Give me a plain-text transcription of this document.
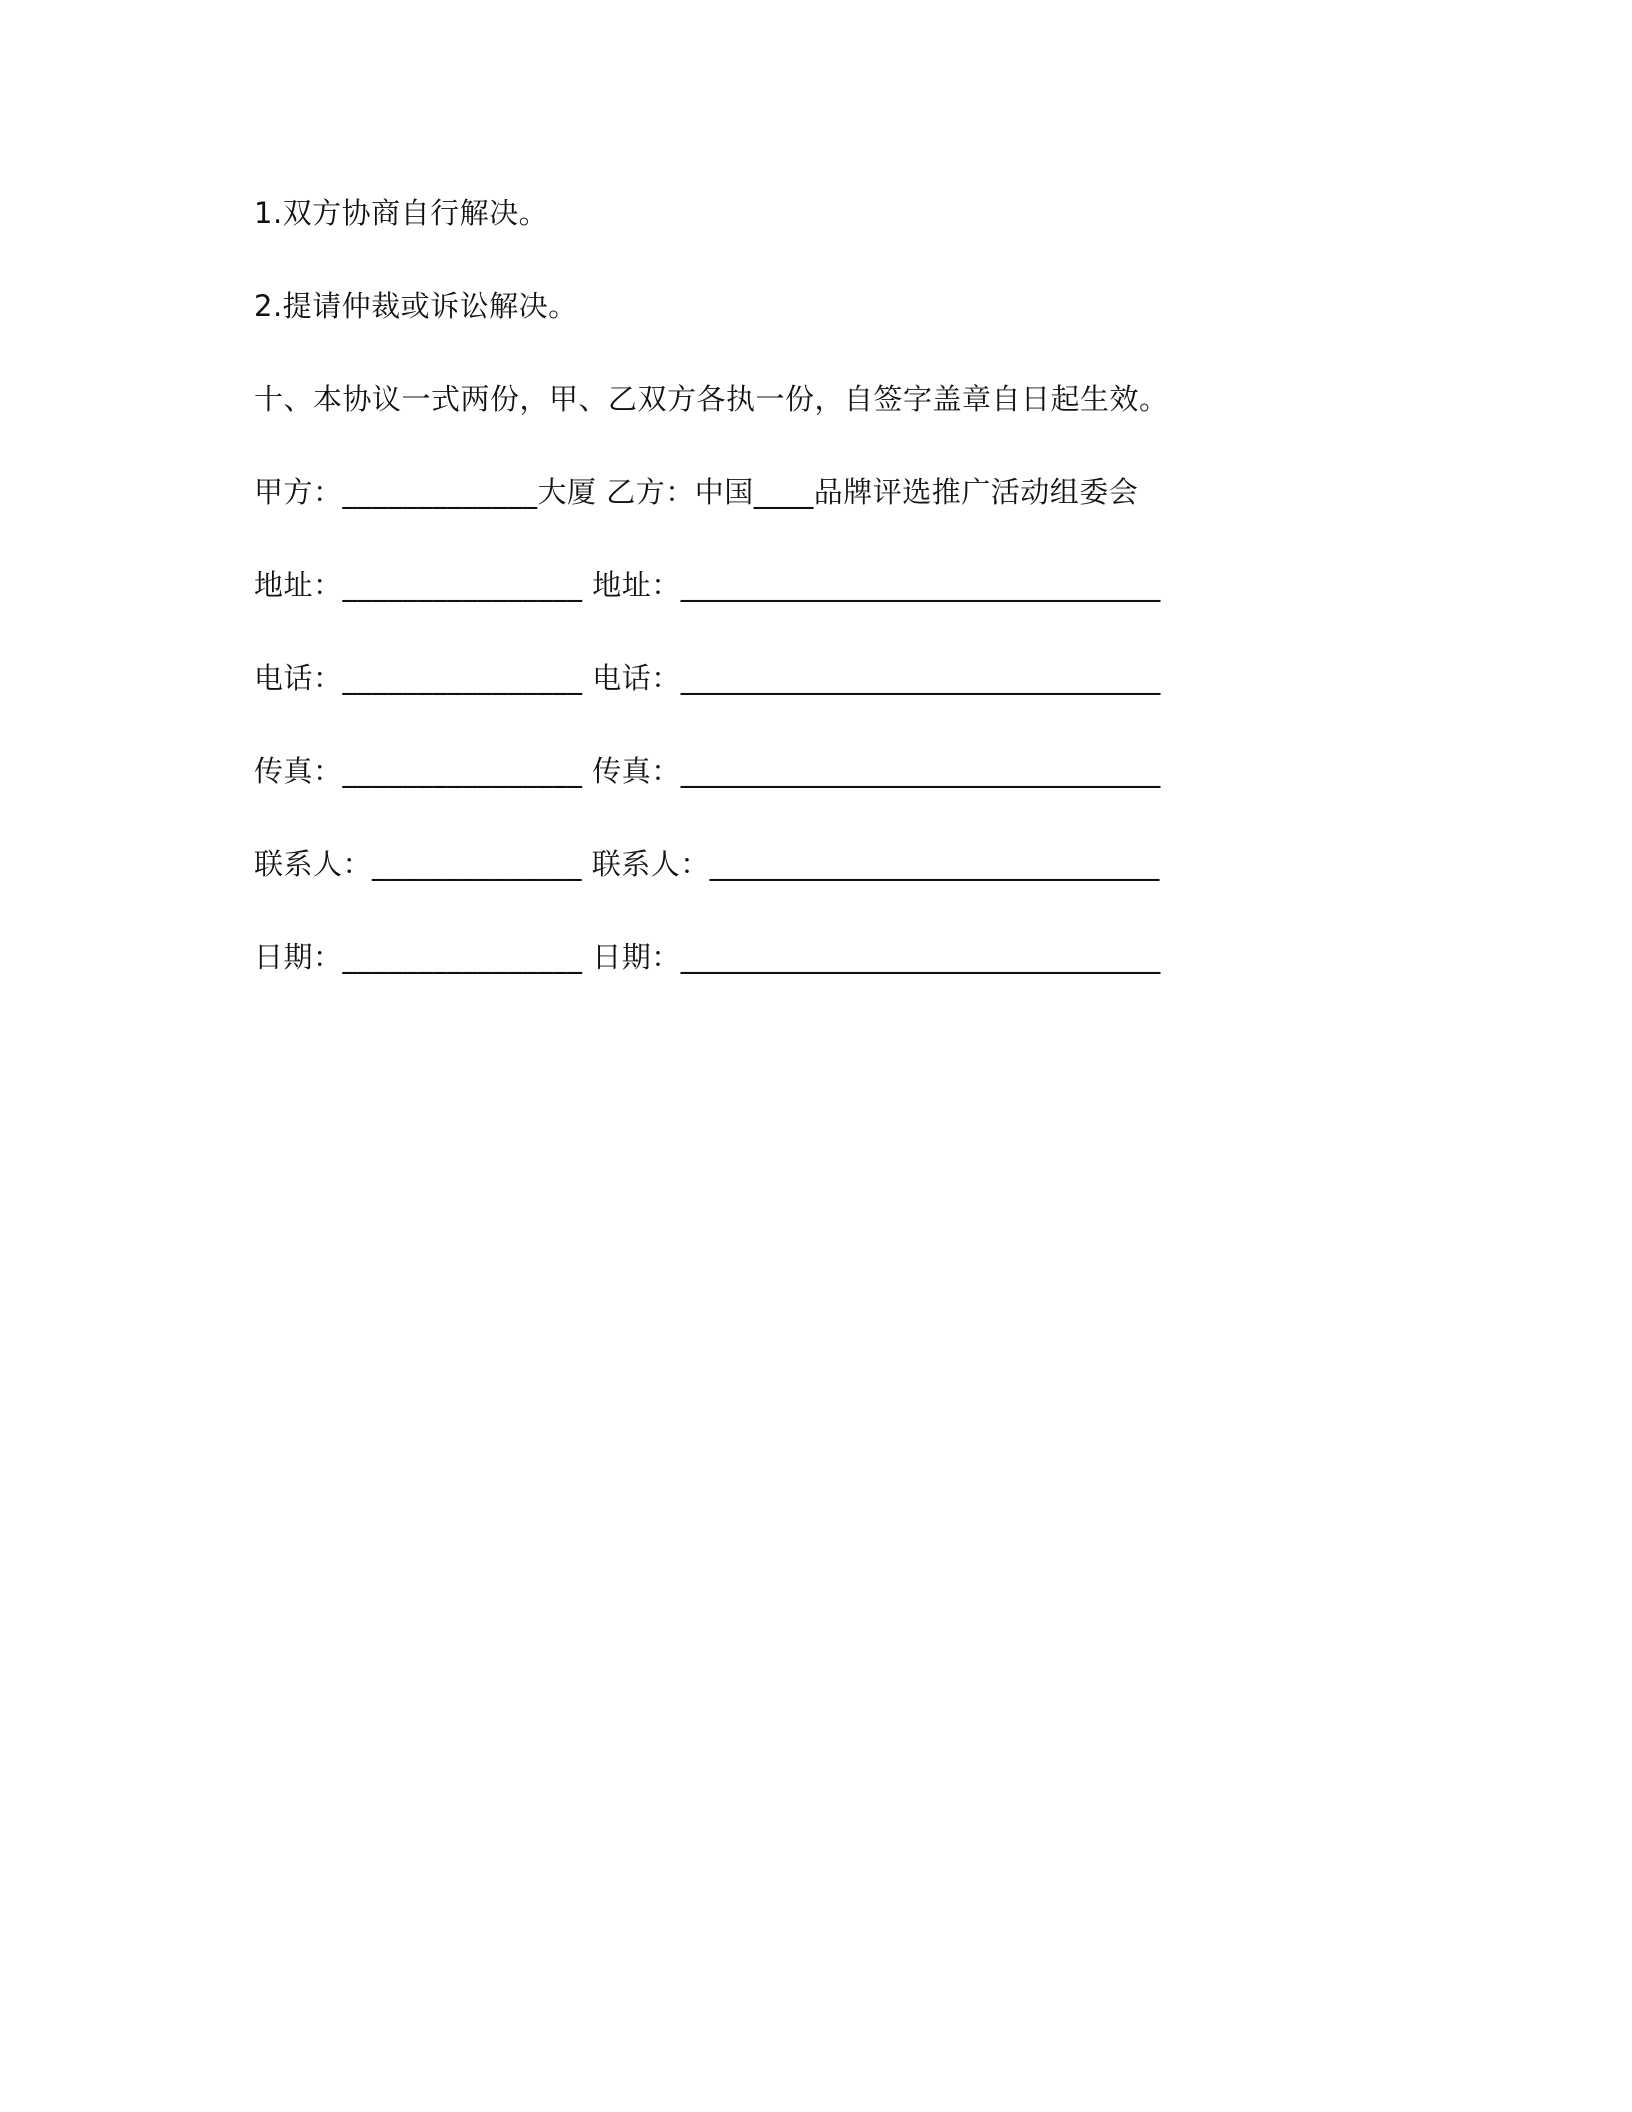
1.双方协商自行解决。
2.提请仲裁或诉讼解决。
十、本协议一式两份，甲、乙双方各执一份，自签字盖章自日起生效。
甲方：_____________大厦 乙方：中国____品牌评选推广活动组委会
地址：________________ 地址：________________________________
电话：________________ 电话：________________________________
传真：________________ 传真：________________________________
联系人：______________ 联系人：______________________________
日期：________________ 日期：________________________________
